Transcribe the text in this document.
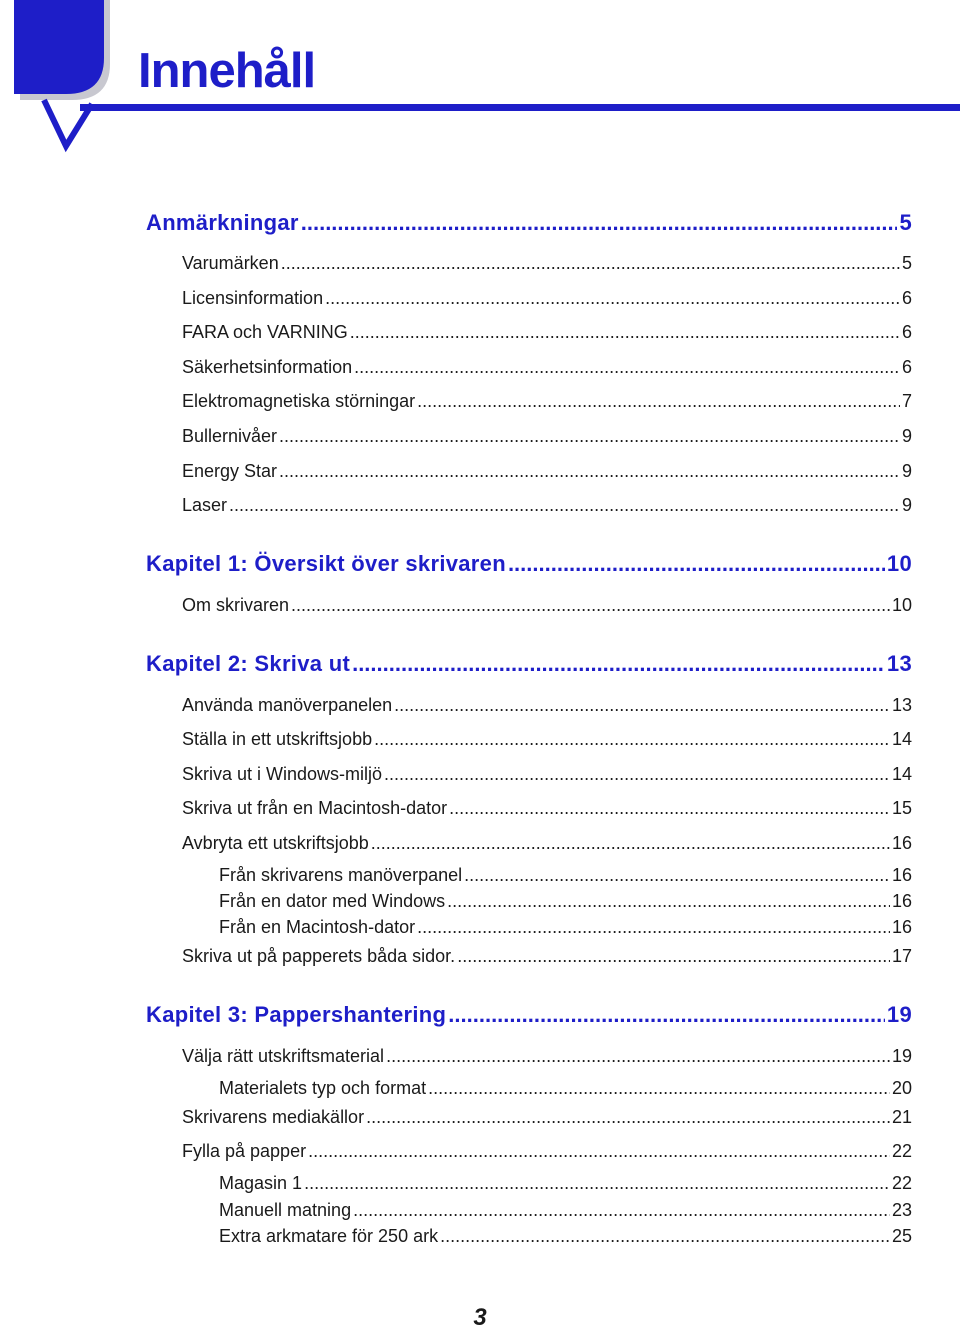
Innehåll
Anmärkningar .....	5
Varumärken .....	5
Licensinformation .....	6
FARA och VARNING .....	6
Säkerhetsinformation .....	6
Elektromagnetiska störningar .....	7
Bullernivåer .....	9
Energy Star .....	9
Laser .....	9
Kapitel 1: Översikt över skrivaren .....	10
Om skrivaren .....	10
Kapitel 2: Skriva ut .....	13
Använda manöverpanelen .....	13
Ställa in ett utskriftsjobb .....	14
Skriva ut i Windows-miljö .....	14
Skriva ut från en Macintosh-dator .....	15
Avbryta ett utskriftsjobb .....	16
Från skrivarens manöverpanel .....	16
Från en dator med Windows .....	16
Från en Macintosh-dator .....	16
Skriva ut på papperets båda sidor. .....	17
Kapitel 3: Pappershantering .....	19
Välja rätt utskriftsmaterial .....	19
Materialets typ och format .....	20
Skrivarens mediakällor .....	21
Fylla på papper .....	22
Magasin 1 .....	22
Manuell matning .....	23
Extra arkmatare för 250 ark .....	25
3
